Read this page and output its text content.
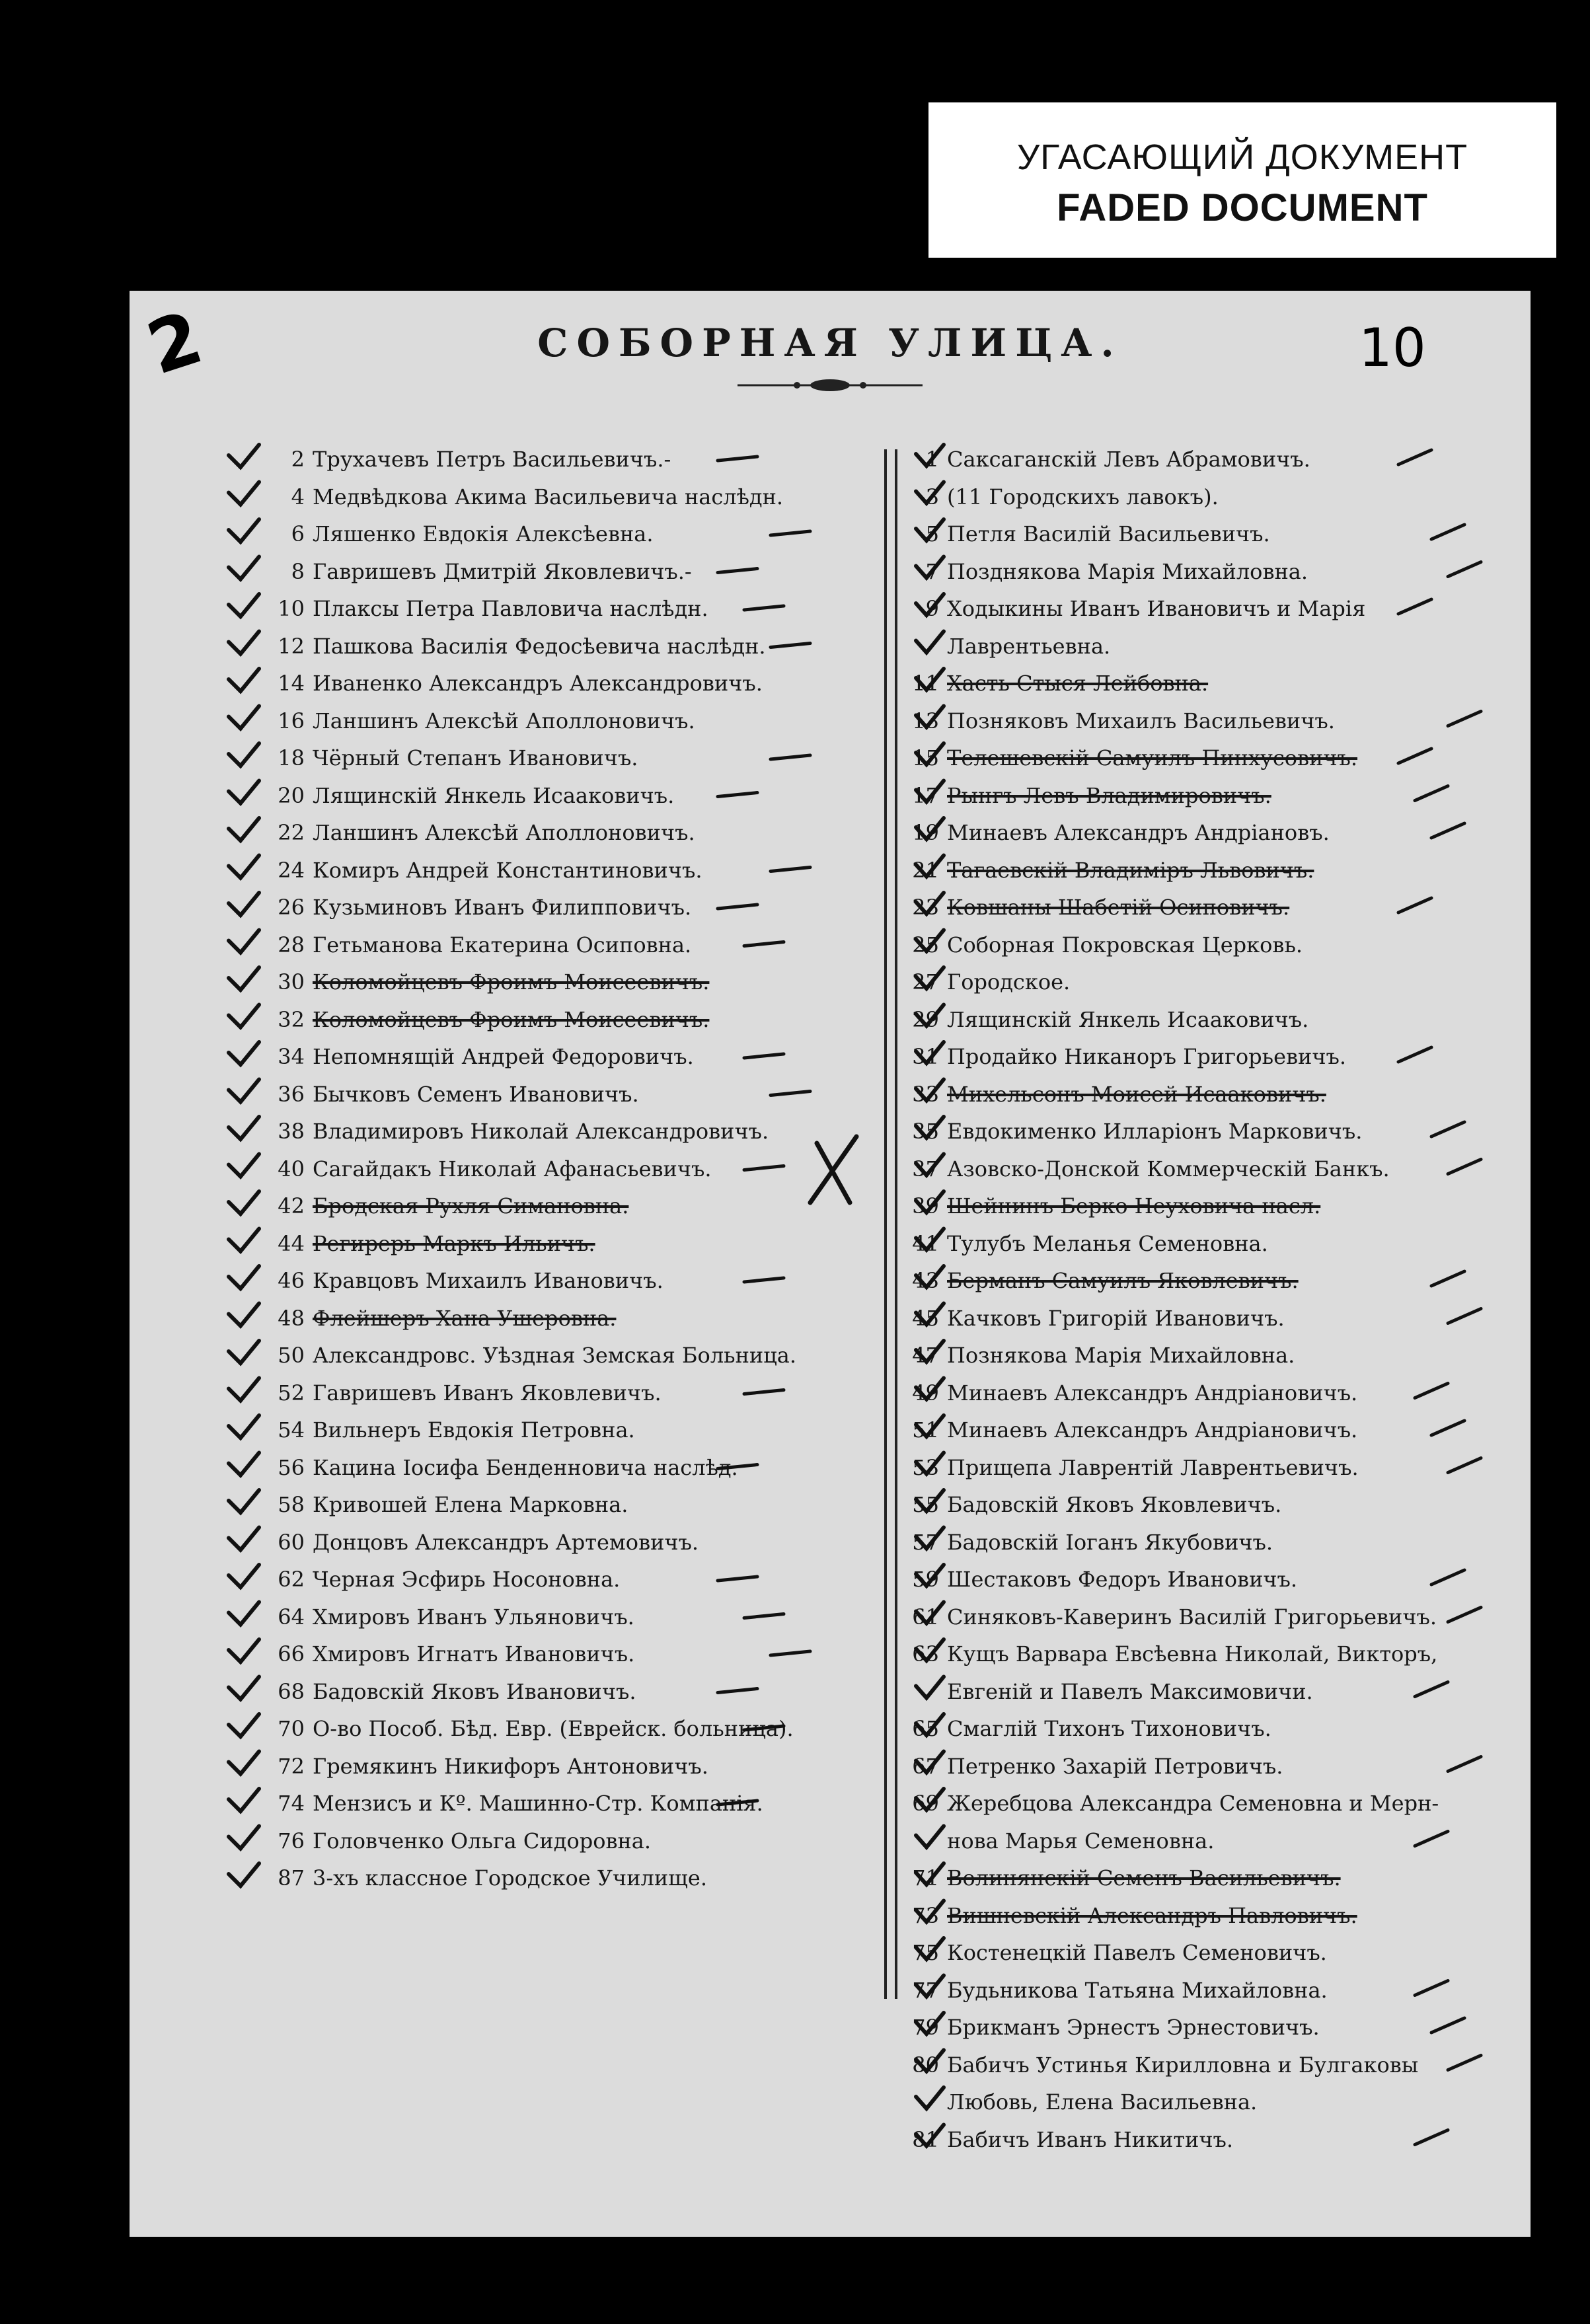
УГАСАЮЩИЙ ДОКУМЕНТ
FADED DOCUMENT
2	10
СОБОРНАЯ УЛИЦА.
2 Трухачевъ Петръ Васильевичъ.-
4 Медвѣдкова Акима Васильевича наслѣдн.
6 Ляшенко Евдокія Алексѣевна.
8 Гавришевъ Дмитрій Яковлевичъ.-
10 Плаксы Петра Павловича наслѣдн.
12 Пашкова Василія Федосѣевича наслѣдн.
14 Иваненко Александръ Александровичъ.
16 Ланшинъ Алексѣй Аполлоновичъ.
18 Чёрный Степанъ Ивановичъ.
20 Лящинскій Янкель Исааковичъ.
22 Ланшинъ Алексѣй Аполлоновичъ.
24 Комиръ Андрей Константиновичъ.
26 Кузьминовъ Иванъ Филипповичъ.
28 Гетьманова Екатерина Осиповна.
30 Коломойцевъ Фроимъ Моисеевичъ.
32 Коломойцевъ Фроимъ Моисеевичъ.
34 Непомнящій Андрей Федоровичъ.
36 Бычковъ Семенъ Ивановичъ.
38 Владимировъ Николай Александровичъ.
40 Сагайдакъ Николай Афанасьевичъ.
42 Бродская Рухля Симановна.
44 Регирерь Маркъ Ильичъ.
46 Кравцовъ Михаилъ Ивановичъ.
48 Флейшеръ Хана Ушеровна.
50 Александровс. Уѣздная Земская Больница.
52 Гавришевъ Иванъ Яковлевичъ.
54 Вильнеръ Евдокія Петровна.
56 Кацина Іосифа Бенденновича наслѣд.
58 Кривошей Елена Марковна.
60 Донцовъ Александръ Артемовичъ.
62 Черная Эсфирь Носоновна.
64 Хмировъ Иванъ Ульяновичъ.
66 Хмировъ Игнатъ Ивановичъ.
68 Бадовскій Яковъ Ивановичъ.
70 О-во Пособ. Бѣд. Евр. (Еврейск. больница).
72 Гремякинъ Никифоръ Антоновичъ.
74 Мензисъ и Кº. Машинно-Стр. Компанія.
76 Головченко Ольга Сидоровна.
87 3-хъ классное Городское Училище.
1 Саксаганскій Левъ Абрамовичъ.
3 (11 Городскихъ лавокъ).
5 Петля Василій Васильевичъ.
7 Позднякова Марія Михайловна.
9 Ходыкины Иванъ Ивановичъ и Марія
Лаврентьевна.
11 Хасть Стыся Лейбовна.
13 Позняковъ Михаилъ Васильевичъ.
15 Телешевскій Самуилъ Пинхусовичъ.
17 Рынгъ Левъ Владимировичъ.
19 Минаевъ Александръ Андріановъ.
21 Тагаевскій Владиміръ Львовичъ.
23 Ковшаны Шабетій Осиповичъ.
25 Соборная Покровская Церковь.
27 Городское.
29 Лящинскій Янкель Исааковичъ.
31 Продайко Никаноръ Григорьевичъ.
33 Михельсонъ Моисей Исааковичъ.
35 Евдокименко Илларіонъ Марковичъ.
37 Азовско-Донской Коммерческій Банкъ.
39 Шейнинъ Берко Неуховича насл.
41 Тулубъ Меланья Семеновна.
43 Берманъ Самуилъ Яковлевичъ.
45 Качковъ Григорій Ивановичъ.
47 Познякова Марія Михайловна.
49 Минаевъ Александръ Андріановичъ.
51 Минаевъ Александръ Андріановичъ.
53 Прищепа Лаврентій Лаврентьевичъ.
55 Бадовскій Яковъ Яковлевичъ.
57 Бадовскій Іоганъ Якубовичъ.
59 Шестаковъ Федоръ Ивановичъ.
61 Синяковъ-Каверинъ Василій Григорьевичъ.
63 Кущъ Варвара Евсѣевна Николай, Викторъ,
Евгеній и Павелъ Максимовичи.
65 Смаглій Тихонъ Тихоновичъ.
67 Петренко Захарій Петровичъ.
69 Жеребцова Александра Семеновна и Мерн-
нова Марья Семеновна.
71 Волинянскій Семенъ Васильевичъ.
73 Вишневскій Александръ Павловичъ.
75 Костенецкій Павелъ Семеновичъ.
77 Будьникова Татьяна Михайловна.
79 Брикманъ Эрнестъ Эрнестовичъ.
80 Бабичъ Устинья Кирилловна и Булгаковы
Любовь, Елена Васильевна.
81 Бабичъ Иванъ Никитичъ.
